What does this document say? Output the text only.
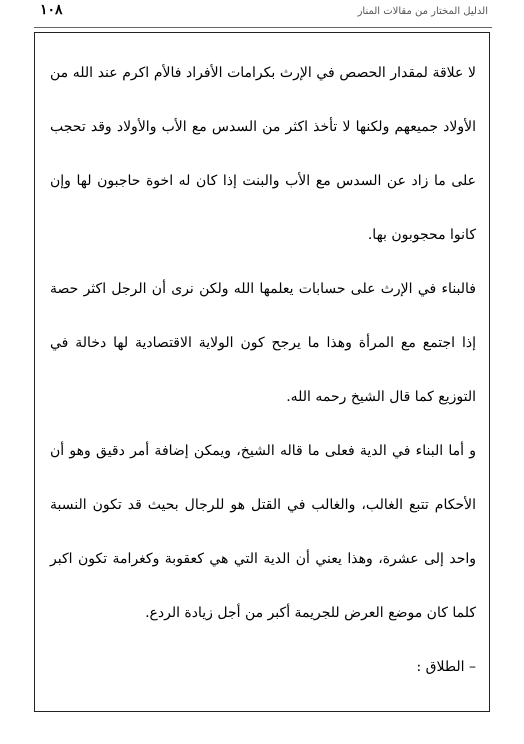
١٠٨	الدليل المختار من مقالات المنار

لا علاقة لمقدار الحصص في الإرث بكرامات الأفراد فالأم اكرم عند الله من الأولاد جميعهم ولكنها لا تأخذ اكثر من السدس مع الأب والأولاد وقد تحجب على ما زاد عن السدس مع الأب والبنت إذا كان له اخوة حاجبون لها وإن كانوا محجوبون بها.

فالبناء في الإرث على حسابات يعلمها الله ولكن نرى أن الرجل اكثر حصة إذا اجتمع مع المرأة وهذا ما يرجح كون الولاية الاقتصادية لها دخالة في التوزيع كما قال الشيخ رحمه الله.

و أما البناء في الدية فعلى ما قاله الشيخ، ويمكن إضافة أمر دقيق وهو أن الأحكام تتبع الغالب، والغالب في القتل هو للرجال بحيث قد تكون النسبة واحد إلى عشرة، وهذا يعني أن الدية التي هي كعقوبة وكغرامة تكون اكبر كلما كان موضع العرض للجريمة أكبر من أجل زيادة الردع.

– الطلاق :
